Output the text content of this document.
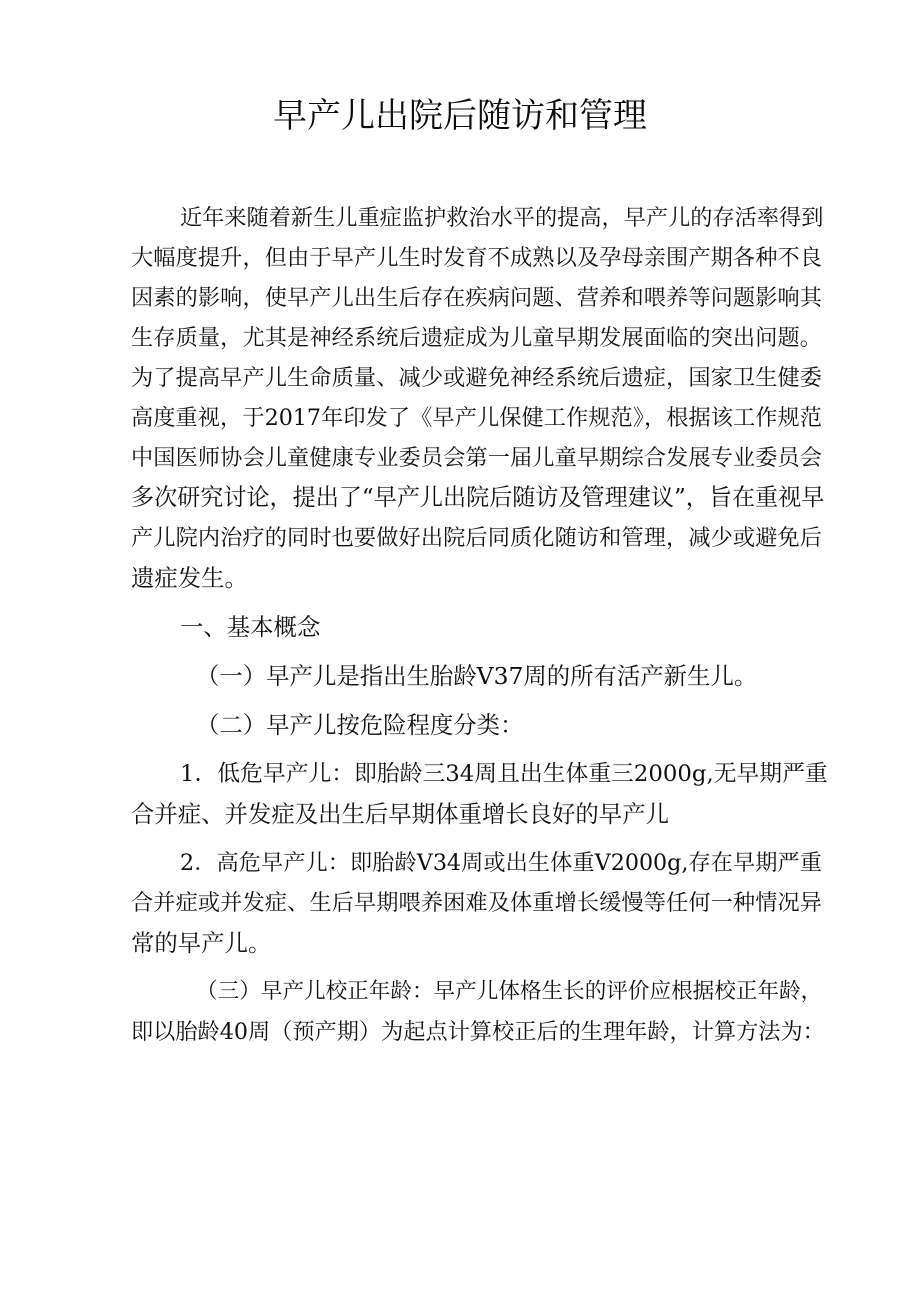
早产儿出院后随访和管理

近年来随着新生儿重症监护救治水平的提高，早产儿的存活率得到

大幅度提升，但由于早产儿生时发育不成熟以及孕母亲围产期各种不良

因素的影响，使早产儿出生后存在疾病问题、营养和喂养等问题影响其

生存质量，尤其是神经系统后遗症成为儿童早期发展面临的突出问题。

为了提高早产儿生命质量、减少或避免神经系统后遗症，国家卫生健委

高度重视，于2017年印发了《早产儿保健工作规范》，根据该工作规范

中国医师协会儿童健康专业委员会第一届儿童早期综合发展专业委员会

多次研究讨论，提出了“早产儿出院后随访及管理建议”，旨在重视早

产儿院内治疗的同时也要做好出院后同质化随访和管理，减少或避免后

遗症发生。

一、基本概念

（一）早产儿是指出生胎龄V37周的所有活产新生儿。

（二）早产儿按危险程度分类：

1．低危早产儿：即胎龄三34周且出生体重三2000g,无早期严重

合并症、并发症及出生后早期体重增长良好的早产儿

2．高危早产儿：即胎龄V34周或出生体重V2000g,存在早期严重

合并症或并发症、生后早期喂养困难及体重增长缓慢等任何一种情况异

常的早产儿。

（三）早产儿校正年龄：早产儿体格生长的评价应根据校正年龄，

即以胎龄40周（预产期）为起点计算校正后的生理年龄，计算方法为：
